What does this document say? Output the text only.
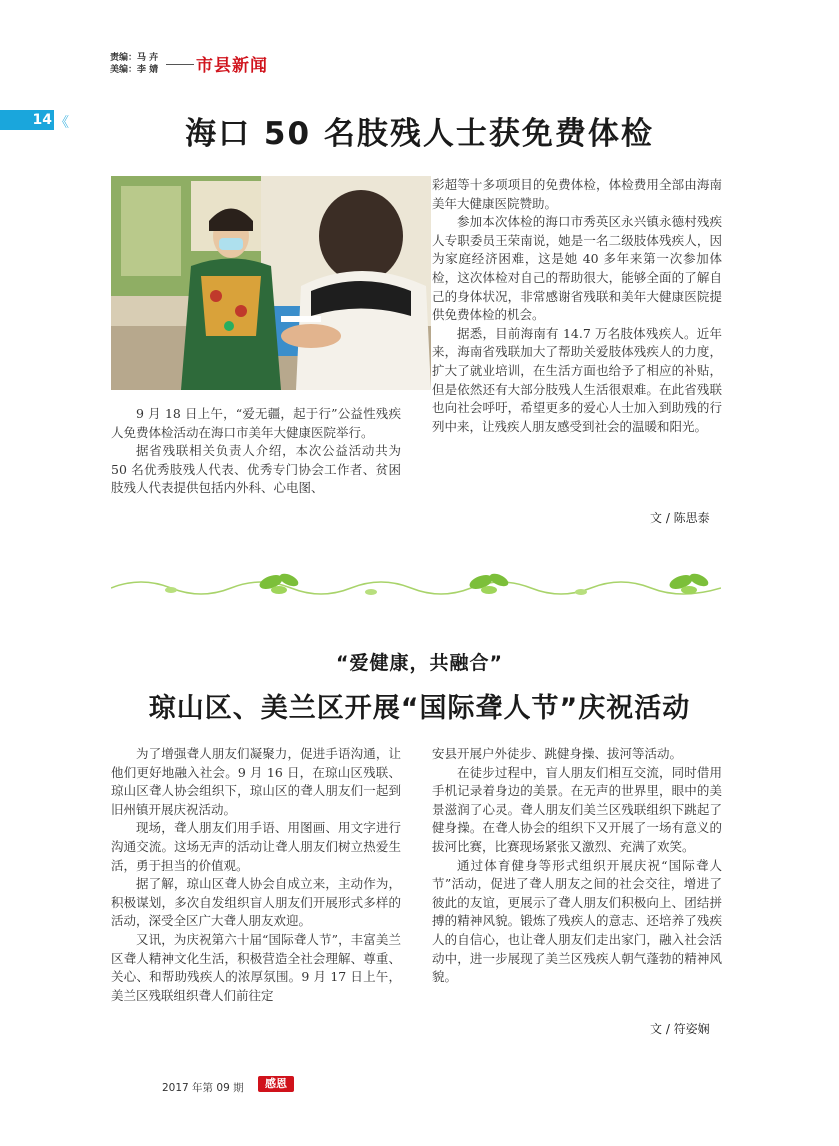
责编：马 卉
美编：李 婧 市县新闻
14 《	海口 50 名肢残人士获免费体检

9 月 18 日上午，“爱无疆，起于行”公益性残疾人免费体检活动在海口市美年大健康医院举行。

据省残联相关负责人介绍，本次公益活动共为 50 名优秀肢残人代表、优秀专门协会工作者、贫困肢残人代表提供包括内外科、心电图、

彩超等十多项项目的免费体检，体检费用全部由海南美年大健康医院赞助。

参加本次体检的海口市秀英区永兴镇永德村残疾人专职委员王荣南说，她是一名二级肢体残疾人，因为家庭经济困难，这是她 40 多年来第一次参加体检，这次体检对自己的帮助很大，能够全面的了解自己的身体状况，非常感谢省残联和美年大健康医院提供免费体检的机会。

据悉，目前海南有 14.7 万名肢体残疾人。近年来，海南省残联加大了帮助关爱肢体残疾人的力度，扩大了就业培训，在生活方面也给予了相应的补贴，但是依然还有大部分肢残人生活很艰难。在此省残联也向社会呼吁，希望更多的爱心人士加入到助残的行列中来，让残疾人朋友感受到社会的温暖和阳光。

文 / 陈思泰
“爱健康，共融合”
琼山区、美兰区开展“国际聋人节”庆祝活动

为了增强聋人朋友们凝聚力，促进手语沟通，让他们更好地融入社会。9 月 16 日，在琼山区残联、琼山区聋人协会组织下，琼山区的聋人朋友们一起到旧州镇开展庆祝活动。

现场，聋人朋友们用手语、用图画、用文字进行沟通交流。这场无声的活动让聋人朋友们树立热爱生活，勇于担当的价值观。

据了解，琼山区聋人协会自成立来，主动作为，积极谋划，多次自发组织盲人朋友们开展形式多样的活动，深受全区广大聋人朋友欢迎。

又讯，为庆祝第六十届“国际聋人节”，丰富美兰区聋人精神文化生活，积极营造全社会理解、尊重、关心、和帮助残疾人的浓厚氛围。9 月 17 日上午，美兰区残联组织聋人们前往定

安县开展户外徒步、跳健身操、拔河等活动。

在徒步过程中，盲人朋友们相互交流，同时借用手机记录着身边的美景。在无声的世界里，眼中的美景滋润了心灵。聋人朋友们美兰区残联组织下跳起了健身操。在聋人协会的组织下又开展了一场有意义的拔河比赛，比赛现场紧张又激烈、充满了欢笑。

通过体育健身等形式组织开展庆祝“国际聋人节”活动，促进了聋人朋友之间的社会交往，增进了彼此的友谊，更展示了聋人朋友们积极向上、团结拼搏的精神风貌。锻炼了残疾人的意志、还培养了残疾人的自信心，也让聋人朋友们走出家门，融入社会活动中，进一步展现了美兰区残疾人朝气蓬勃的精神风貌。

文 / 符姿娴
2017 年第 09 期	感恩
